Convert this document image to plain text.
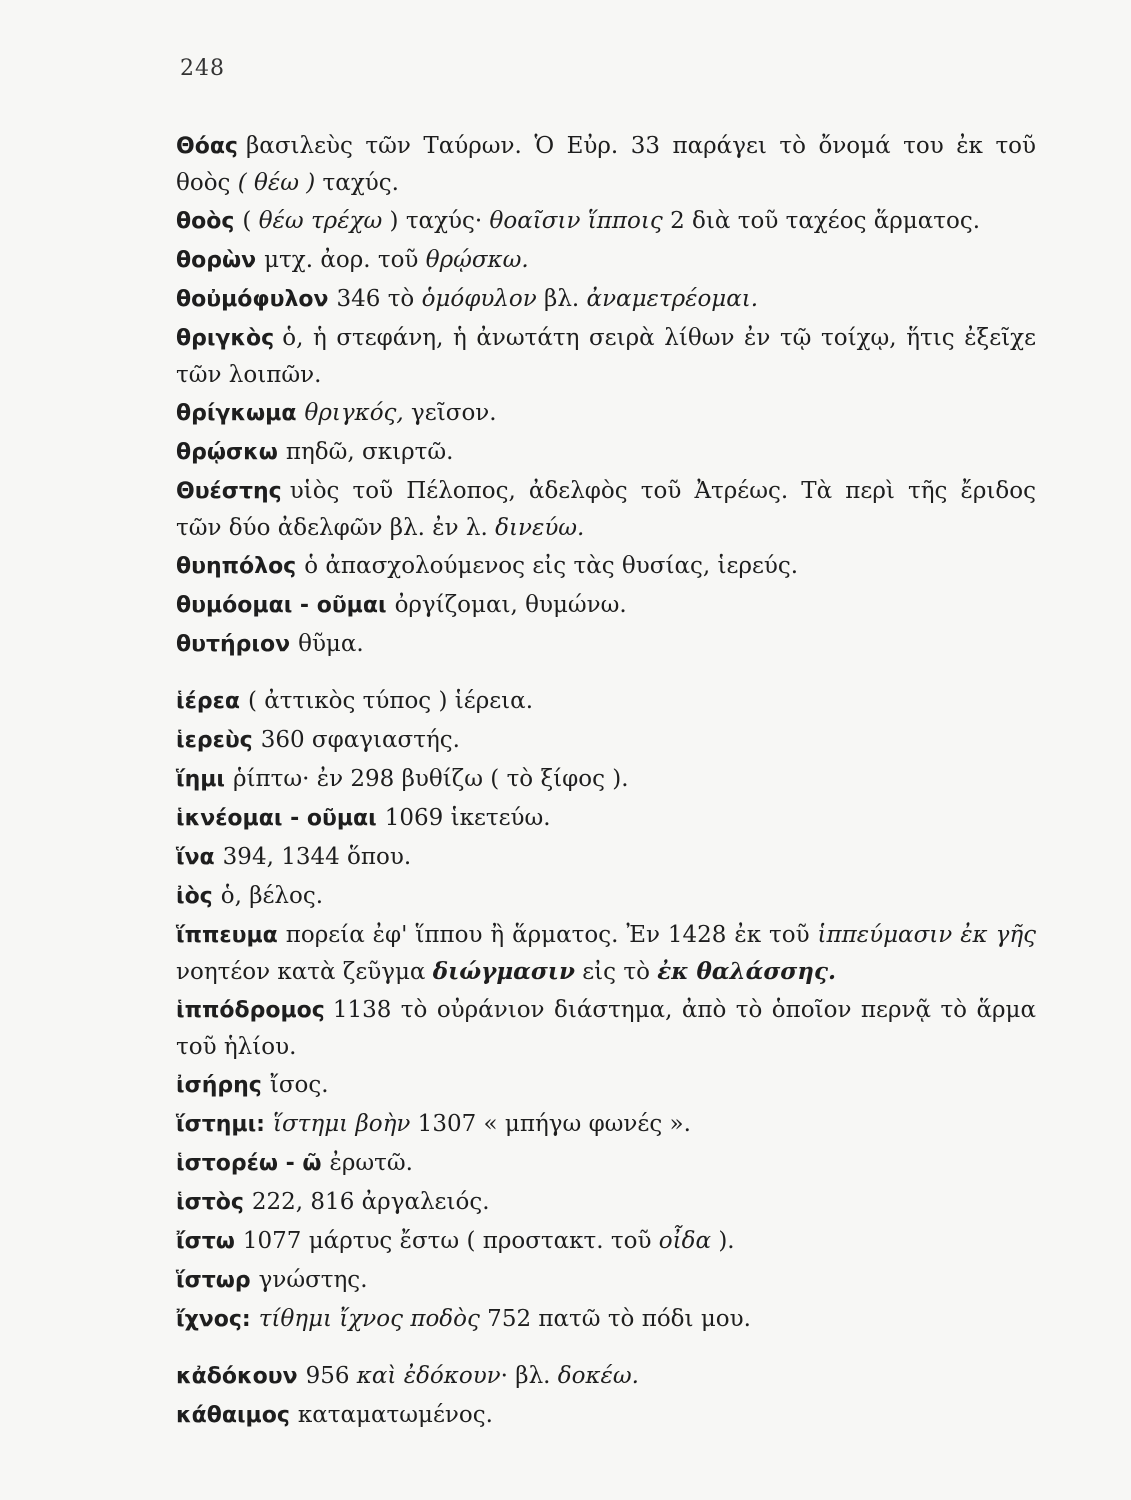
248
Θόας βασιλεὺς τῶν Ταύρων. Ὁ Εὐρ. 33 παράγει τὸ ὄνομά του ἐκ τοῦ θοὸς ( θέω ) ταχύς.
θοὸς ( θέω τρέχω ) ταχύς· θοαῖσιν ἵπποις 2 διὰ τοῦ ταχέος ἅρματος.
θορὼν μτχ. ἀορ. τοῦ θρῴσκω.
θοὐμόφυλον 346 τὸ ὁμόφυλον βλ. ἀναμετρέομαι.
θριγκὸς ὁ, ἡ στεφάνη, ἡ ἀνωτάτη σειρὰ λίθων ἐν τῷ τοίχῳ, ἥτις ἐξεῖχε τῶν λοιπῶν.
θρίγκωμα θριγκός, γεῖσον.
θρῴσκω πηδῶ, σκιρτῶ.
Θυέστης υἱὸς τοῦ Πέλοπος, ἀδελφὸς τοῦ Ἀτρέως. Τὰ περὶ τῆς ἔριδος τῶν δύο ἀδελφῶν βλ. ἐν λ. δινεύω.
θυηπόλος ὁ ἀπασχολούμενος εἰς τὰς θυσίας, ἱερεύς.
θυμόομαι - οῦμαι ὀργίζομαι, θυμώνω.
θυτήριον θῦμα.
ἱέρεα ( ἀττικὸς τύπος ) ἱέρεια.
ἱερεὺς 360 σφαγιαστής.
ἵημι ῥίπτω· ἐν 298 βυθίζω ( τὸ ξίφος ).
ἱκνέομαι - οῦμαι 1069 ἱκετεύω.
ἵνα 394, 1344 ὅπου.
ἰὸς ὁ, βέλος.
ἵππευμα πορεία ἐφ' ἵππου ἢ ἅρματος. Ἐν 1428 ἐκ τοῦ ἱππεύμασιν ἐκ γῆς νοητέον κατὰ ζεῦγμα διώγμασιν εἰς τὸ ἐκ θαλάσσης.
ἱππόδρομος 1138 τὸ οὐράνιον διάστημα, ἀπὸ τὸ ὁποῖον περνᾷ τὸ ἅρμα τοῦ ἡλίου.
ἰσήρης ἴσος.
ἵστημι: ἵστημι βοὴν 1307 « μπήγω φωνές ».
ἱστορέω - ῶ ἐρωτῶ.
ἱστὸς 222, 816 ἀργαλειός.
ἴστω 1077 μάρτυς ἔστω ( προστακτ. τοῦ οἶδα ).
ἵστωρ γνώστης.
ἴχνος: τίθημι ἴχνος ποδὸς 752 πατῶ τὸ πόδι μου.
κἀδόκουν 956 καὶ ἐδόκουν· βλ. δοκέω.
κάθαιμος καταματωμένος.
